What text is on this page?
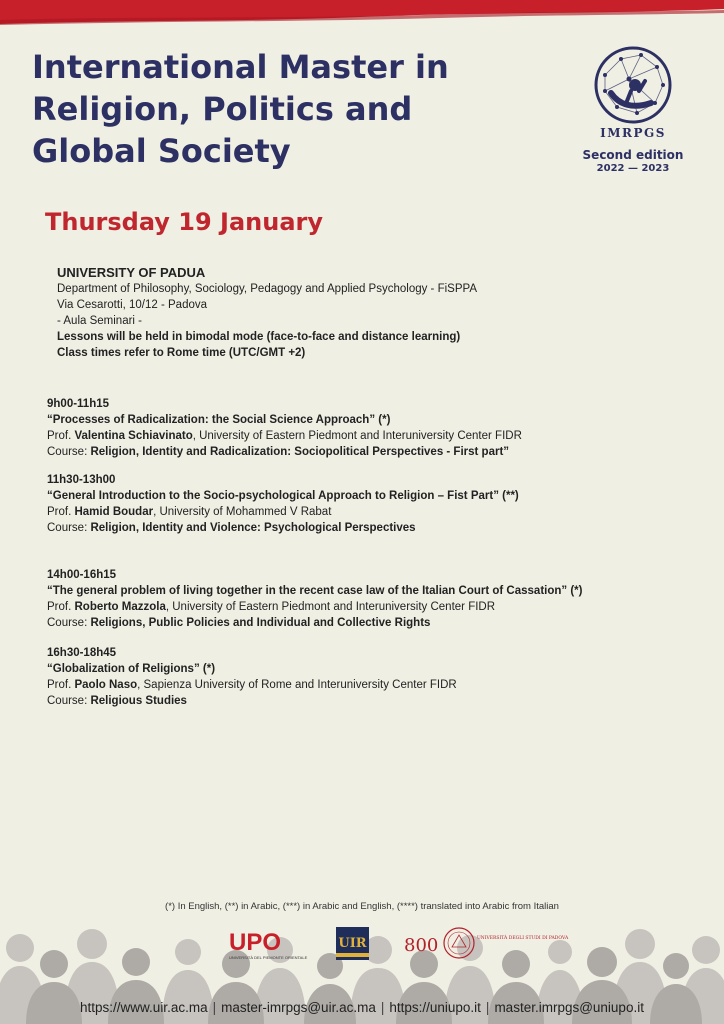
International Master in
Religion, Politics and
Global Society	IMRPGS
Second edition
2022 — 2023
Thursday 19 January
UNIVERSITY OF PADUA
Department of Philosophy, Sociology, Pedagogy and Applied Psychology - FiSPPA
Via Cesarotti, 10/12 - Padova
- Aula Seminari -
Lessons will be held in bimodal mode (face-to-face and distance learning)
Class times refer to Rome time (UTC/GMT +2)
9h00-11h15
“Processes of Radicalization: the Social Science Approach” (*)
Prof. Valentina Schiavinato, University of Eastern Piedmont and Interuniversity Center FIDR
Course: Religion, Identity and Radicalization: Sociopolitical Perspectives - First part”
11h30-13h00
“General Introduction to the Socio-psychological Approach to Religion – Fist Part” (**)
Prof. Hamid Boudar, University of Mohammed V Rabat
Course: Religion, Identity and Violence: Psychological Perspectives
14h00-16h15
“The general problem of living together in the recent case law of the Italian Court of Cassation” (*)
Prof. Roberto Mazzola, University of Eastern Piedmont and Interuniversity Center FIDR
Course: Religions, Public Policies and Individual and Collective Rights
16h30-18h45
“Globalization of Religions” (*)
Prof. Paolo Naso, Sapienza University of Rome and Interuniversity Center FIDR
Course: Religious Studies
(*) In English, (**) in Arabic, (***) in Arabic and English, (****) translated into Arabic from Italian
UPO
UNIVERSITÀ DEL PIEMONTE ORIENTALE
UIR 800	UNIVERSITÀ DEGLI STUDI DI PADOVA
https://www.uir.ac.ma | master-imrpgs@uir.ac.ma | https://uniupo.it | master.imrpgs@uniupo.it
